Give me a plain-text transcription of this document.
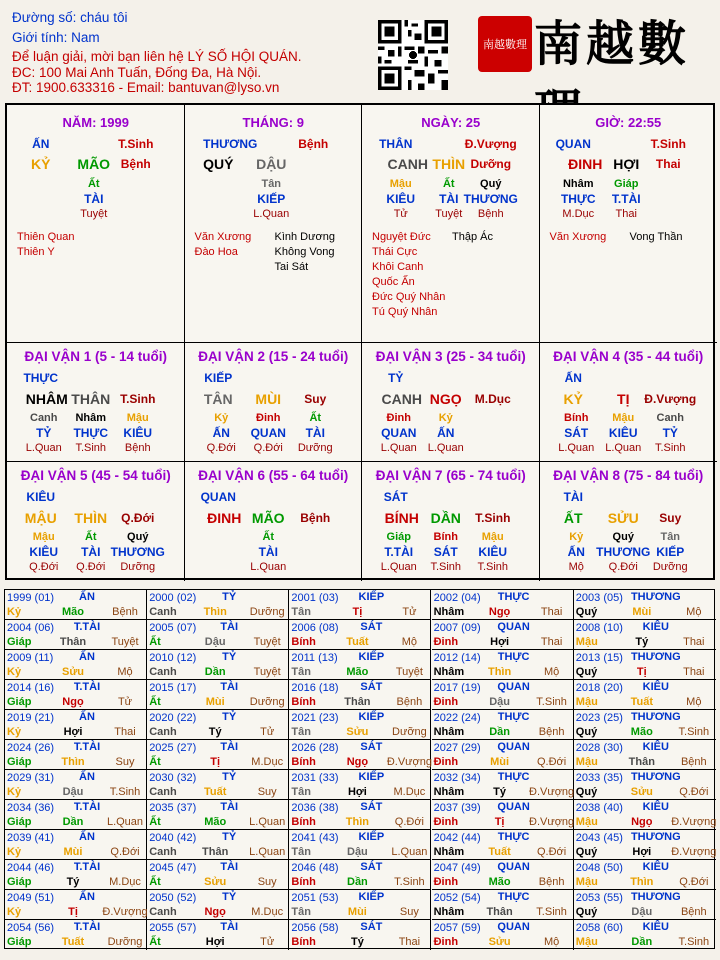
Đường số: cháu tôi
Giới tính: Nam
Để luận giải, mời bạn liên hệ LÝ SỐ HỘI QUÁN.
ĐC: 100 Mai Anh Tuấn, Đống Đa, Hà Nội.
ĐT: 1900.633316 - Email: bantuvan@lyso.vn
南越數理 南越數
NĂM: 1999
ẤN	T.Sinh
KỶ MÃO Bệnh
Ất
TÀI
Tuyệt
Thiên Quan
Thiên Y
THÁNG: 9
THƯƠNG	Bệnh
QUÝ DẬU
Tân
KIẾP
L.Quan
Văn Xương
Đào Hoa
Kình Dương
Không Vong
Tai Sát
NGÀY: 25
THÂN	Đ.Vượng
CANH THÌN Dưỡng
Mậu
KIÊU
Tử
Ất
TÀI
Tuyệt
Quý
THƯƠNG
Bệnh
Nguyệt Đức
Thái Cực
Khôi Canh
Quốc Ấn
Đức Quý Nhân
Tú Quý Nhân
Thập Ác
GIỜ: 22:55
QUAN	T.Sinh
ĐINH HỢI Thai
Nhâm
THỰC
M.Dục
Giáp
T.TÀI
Thai
Văn Xương Vong Thần
ĐẠI VẬN 1 (5 - 14 tuổi)
THỰC
NHÂM THÂN T.Sinh
Canh
TỶ
L.Quan
Nhâm
THỰC
T.Sinh
Mậu
KIÊU
Bệnh
ĐẠI VẬN 2 (15 - 24 tuổi)
KIẾP
TÂN MÙI Suy
Kỷ
ẤN
Q.Đới
Đinh
QUAN
Q.Đới
Ất
TÀI
Dưỡng
ĐẠI VẬN 3 (25 - 34 tuổi)
TỶ
CANH NGỌ M.Dục
Đinh
QUAN
L.Quan
Kỷ
ẤN
L.Quan
ĐẠI VẬN 4 (35 - 44 tuổi)
ẤN
KỶ TỊ Đ.Vượng
Bính
SÁT
L.Quan
Mậu
KIÊU
L.Quan
Canh
TỶ
T.Sinh
ĐẠI VẬN 5 (45 - 54 tuổi)
KIÊU
MẬU THÌN Q.Đới
Mậu
KIÊU
Q.Đới
Ất
TÀI
Q.Đới
Quý
THƯƠNG
Dưỡng
ĐẠI VẬN 6 (55 - 64 tuổi)
QUAN
ĐINH MÃO Bệnh
Ất
TÀI
L.Quan
ĐẠI VẬN 7 (65 - 74 tuổi)
SÁT
BÍNH DẦN T.Sinh
Giáp
T.TÀI
L.Quan
Bính
SÁT
T.Sinh
Mậu
KIÊU
T.Sinh
ĐẠI VẬN 8 (75 - 84 tuổi)
TÀI
ẤT SỬU Suy
Kỷ
ẤN
Mộ
Quý
THƯƠNG
Q.Đới
Tân
KIẾP
Dưỡng
1999 (01) ẤN
Kỷ	Mão	Bệnh
2000 (02) TỶ
Canh Thìn Dưỡng
2001 (03) KIẾP
Tân	Tị	Tử
2002 (04) THỰC
Nhâm Ngọ	Thai
2003 (05) THƯƠNG
Quý	Mùi	Mộ
2004 (06) T.TÀI
Giáp	Thân Tuyệt
2005 (07) TÀI
Ất	Dậu	Tuyệt
2006 (08) SÁT
Bính	Tuất	Mộ
2007 (09) QUAN
Đinh	Hợi	Thai
2008 (10) KIÊU
Mậu	Tý	Thai
2009 (11) ẤN
Kỷ	Sửu	Mộ
2010 (12) TỶ
Canh	Dần	Tuyệt
2011 (13) KIẾP
Tân	Mão Tuyệt
2012 (14) THỰC
Nhâm Thìn	Mộ
2013 (15) THƯƠNG
Quý	Tị	Thai
2014 (16) T.TÀI
Giáp	Ngọ	Tử
2015 (17) TÀI
Ất	Mùi Dưỡng
2016 (18) SÁT
Bính	Thân Bệnh
2017 (19) QUAN
Đinh	Dậu T.Sinh
2018 (20) KIÊU
Mậu	Tuất	Mộ
2019 (21) ẤN
Kỷ	Hợi	Thai
2020 (22) TỶ
Canh	Tý	Tử
2021 (23) KIẾP
Tân	Sửu Dưỡng
2022 (24) THỰC
Nhâm Dần	Bệnh
2023 (25) THƯƠNG
Quý	Mão T.Sinh
2024 (26) T.TÀI
Giáp	Thìn	Suy
2025 (27) TÀI
Ất	Tị	M.Dục
2026 (28) SÁT
Bính	Ngọ Đ.Vượng
2027 (29) QUAN
Đinh	Mùi	Q.Đới
2028 (30) KIÊU
Mậu	Thân Bệnh
2029 (31) ẤN
Kỷ	Dậu T.Sinh
2030 (32) TỶ
Canh Tuất	Suy
2031 (33) KIẾP
Tân	Hợi M.Dục
2032 (34) THỰC
Nhâm	Tý Đ.Vượng
2033 (35) THƯƠNG
Quý	Sửu Q.Đới
2034 (36) T.TÀI
Giáp	Dần L.Quan
2035 (37) TÀI
Ất	Mão L.Quan
2036 (38) SÁT
Bính	Thìn Q.Đới
2037 (39) QUAN
Đinh	Tị Đ.Vượng
2038 (40) KIÊU
Mậu	Ngọ Đ.Vượng
2039 (41) ẤN
Kỷ	Mùi	Q.Đới
2040 (42) TỶ
Canh Thân L.Quan
2041 (43) KIẾP
Tân	Dậu L.Quan
2042 (44) THỰC
Nhâm Tuất Q.Đới
2043 (45) THƯƠNG
Quý	Hợi Đ.Vượng
2044 (46) T.TÀI
Giáp	Tý	M.Dục
2045 (47) TÀI
Ất	Sửu	Suy
2046 (48) SÁT
Bính	Dần T.Sinh
2047 (49) QUAN
Đinh	Mão	Bệnh
2048 (50) KIÊU
Mậu	Thìn Q.Đới
2049 (51) ẤN
Kỷ	Tị Đ.Vượng
2050 (52) TỶ
Canh	Ngọ M.Dục
2051 (53) KIẾP
Tân	Mùi	Suy
2052 (54) THỰC
Nhâm Thân T.Sinh
2053 (55) THƯƠNG
Quý	Dậu	Bệnh
2054 (56) T.TÀI
Giáp	Tuất Dưỡng
2055 (57) TÀI
Ất	Hợi	Tử
2056 (58) SÁT
Bính	Tý	Thai
2057 (59) QUAN
Đinh	Sửu	Mộ
2058 (60) KIÊU
Mậu	Dần T.Sinh
